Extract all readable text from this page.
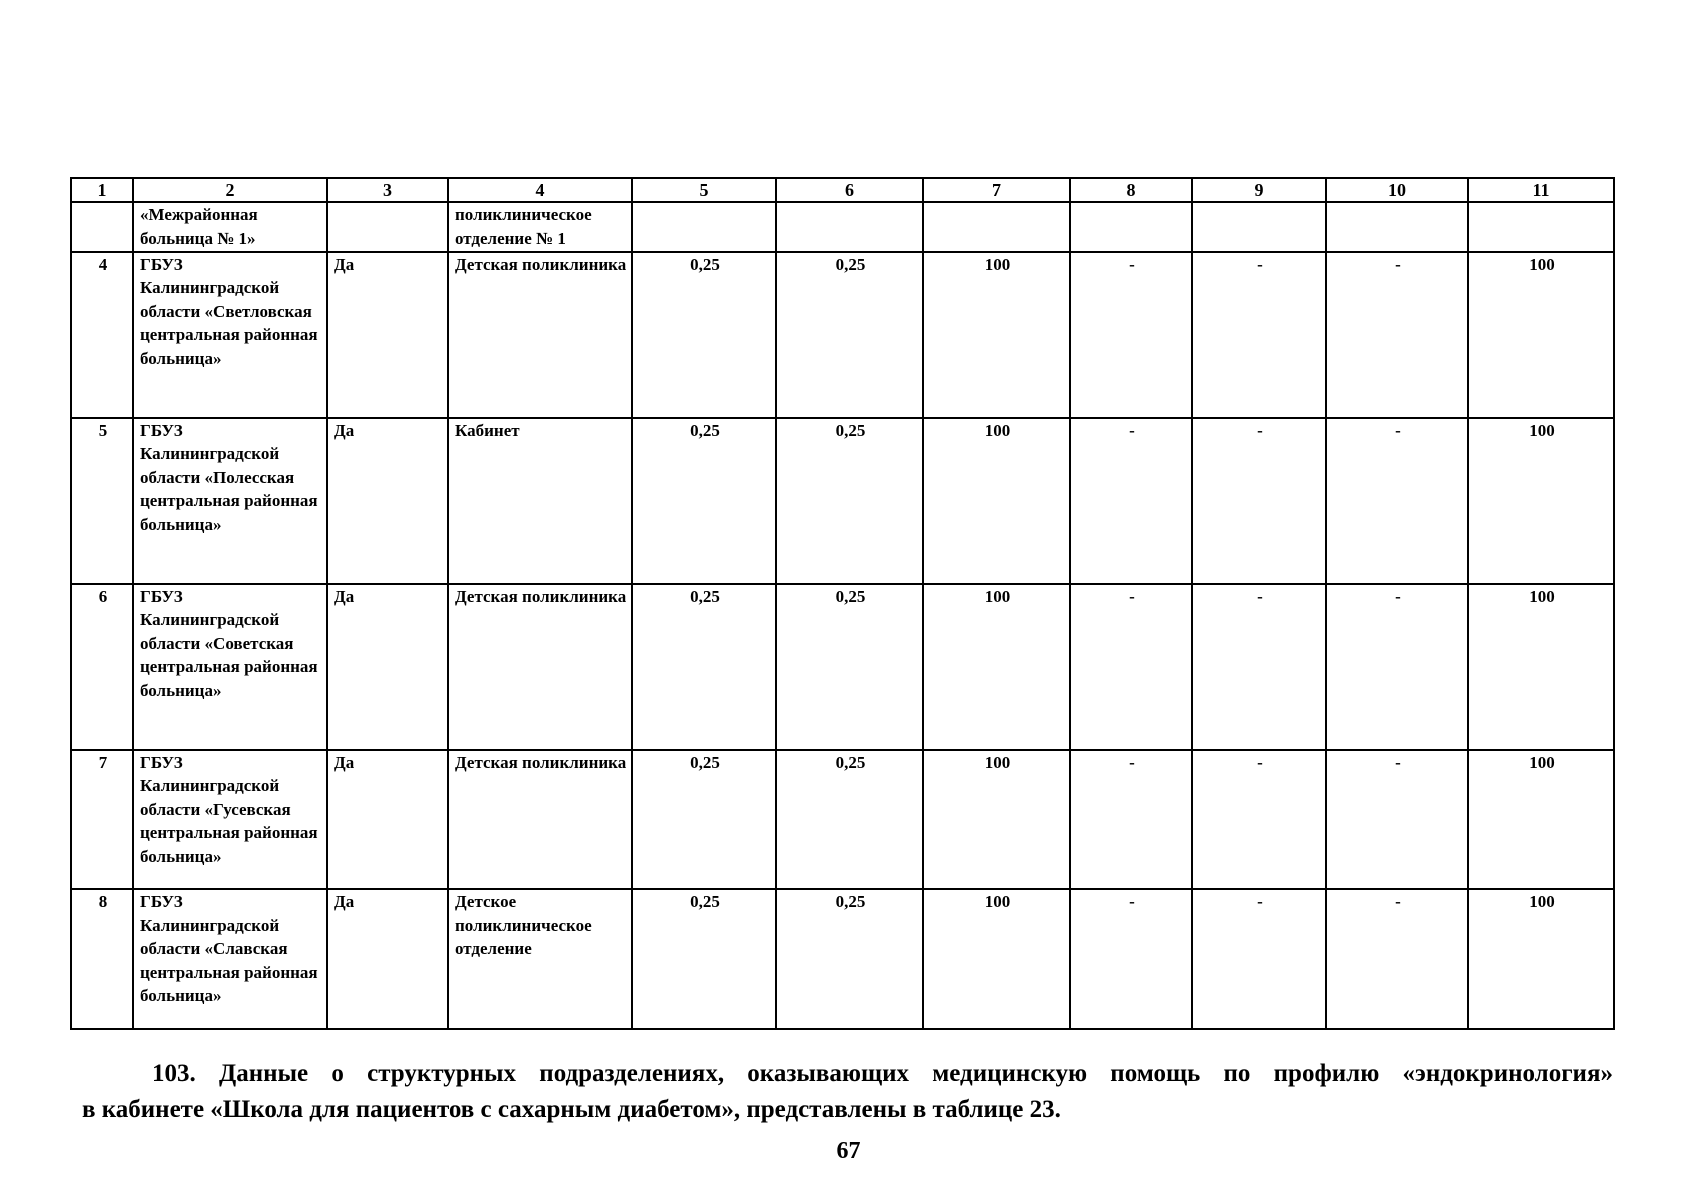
1	2	3	4	5	6	7	8	9	10	11
	«Межрайонная больница № 1»		поликлиническое отделение № 1							
4	ГБУЗ Калининградской области «Светловская центральная районная больница»	Да	Детская поликлиника	0,25	0,25	100	-	-	-	100
5	ГБУЗ Калининградской области «Полесская центральная районная больница»	Да	Кабинет	0,25	0,25	100	-	-	-	100
6	ГБУЗ Калининградской области «Советская центральная районная больница»	Да	Детская поликлиника	0,25	0,25	100	-	-	-	100
7	ГБУЗ Калининградской области «Гусевская центральная районная больница»	Да	Детская поликлиника	0,25	0,25	100	-	-	-	100
8	ГБУЗ Калининградской области «Славская центральная районная больница»	Да	Детское поликлиническое отделение	0,25	0,25	100	-	-	-	100
103. Данные о структурных подразделениях, оказывающих медицинскую помощь по профилю «эндокринология»
в кабинете «Школа для пациентов с сахарным диабетом», представлены в таблице 23.
67
